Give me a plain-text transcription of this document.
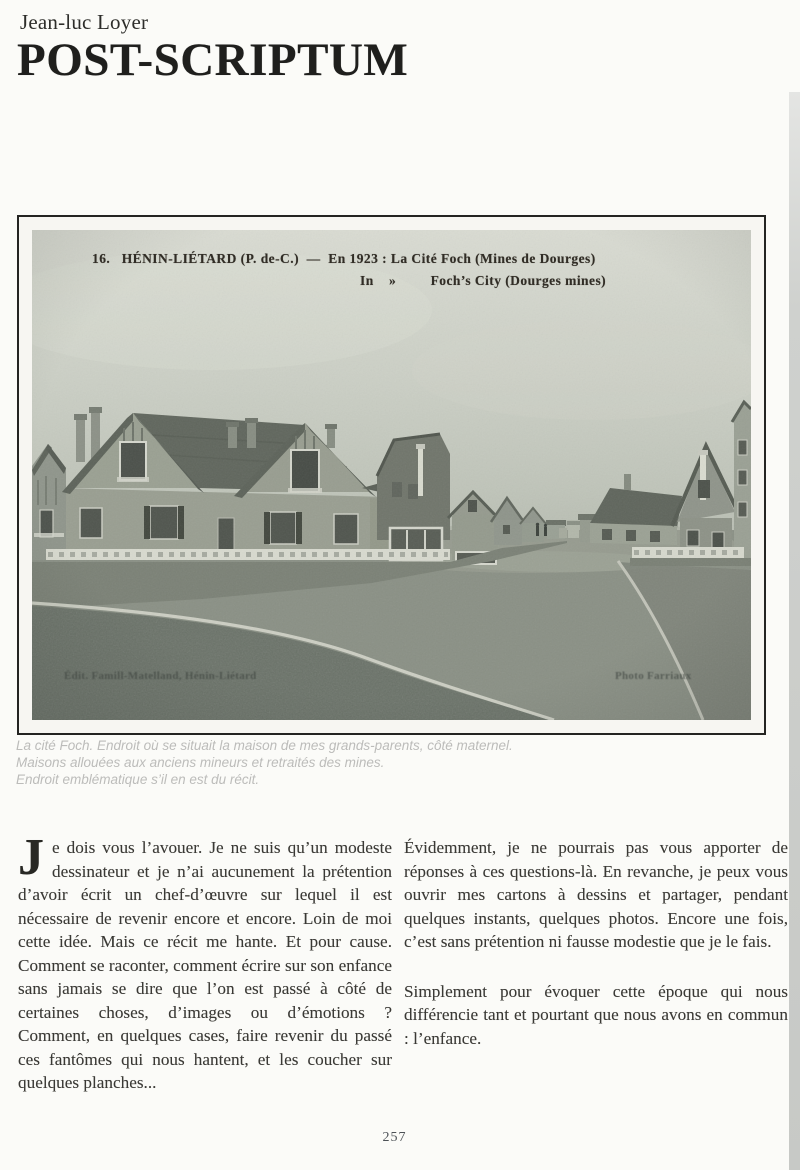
Jean-luc Loyer
POST-SCRIPTUM
16.   HÉNIN-LIÉTARD (P. de-C.)  —  En 1923 : La Cité Foch (Mines de Dourges)
In    »         Foch’s City (Dourges mines)
Édit. Famill-Matelland, Hénin-Liétard	Photo Farriaux
La cité Foch. Endroit où se situait la maison de mes grands-parents, côté maternel.
Maisons allouées aux anciens mineurs et retraités des mines.
Endroit emblématique s’il en est du récit.

Je dois vous l’avouer. Je ne suis qu’un modeste dessinateur et je n’ai aucunement la prétention d’avoir écrit un chef-d’œuvre sur lequel il est nécessaire de revenir encore et encore. Loin de moi cette idée. Mais ce récit me hante. Et pour cause. Comment se raconter, comment écrire sur son enfance sans jamais se dire que l’on est passé à côté de certaines choses, d’images ou d’émotions ? Comment, en quelques cases, faire revenir du passé ces fantômes qui nous hantent, et les coucher sur quelques planches...

Évidemment, je ne pourrais pas vous apporter de réponses à ces questions-là. En revanche, je peux vous ouvrir mes cartons à dessins et partager, pendant quelques instants, quelques photos. Encore une fois, c’est sans prétention ni fausse modestie que je le fais.

Simplement pour évoquer cette époque qui nous différencie tant et pourtant que nous avons en commun : l’enfance.

257
